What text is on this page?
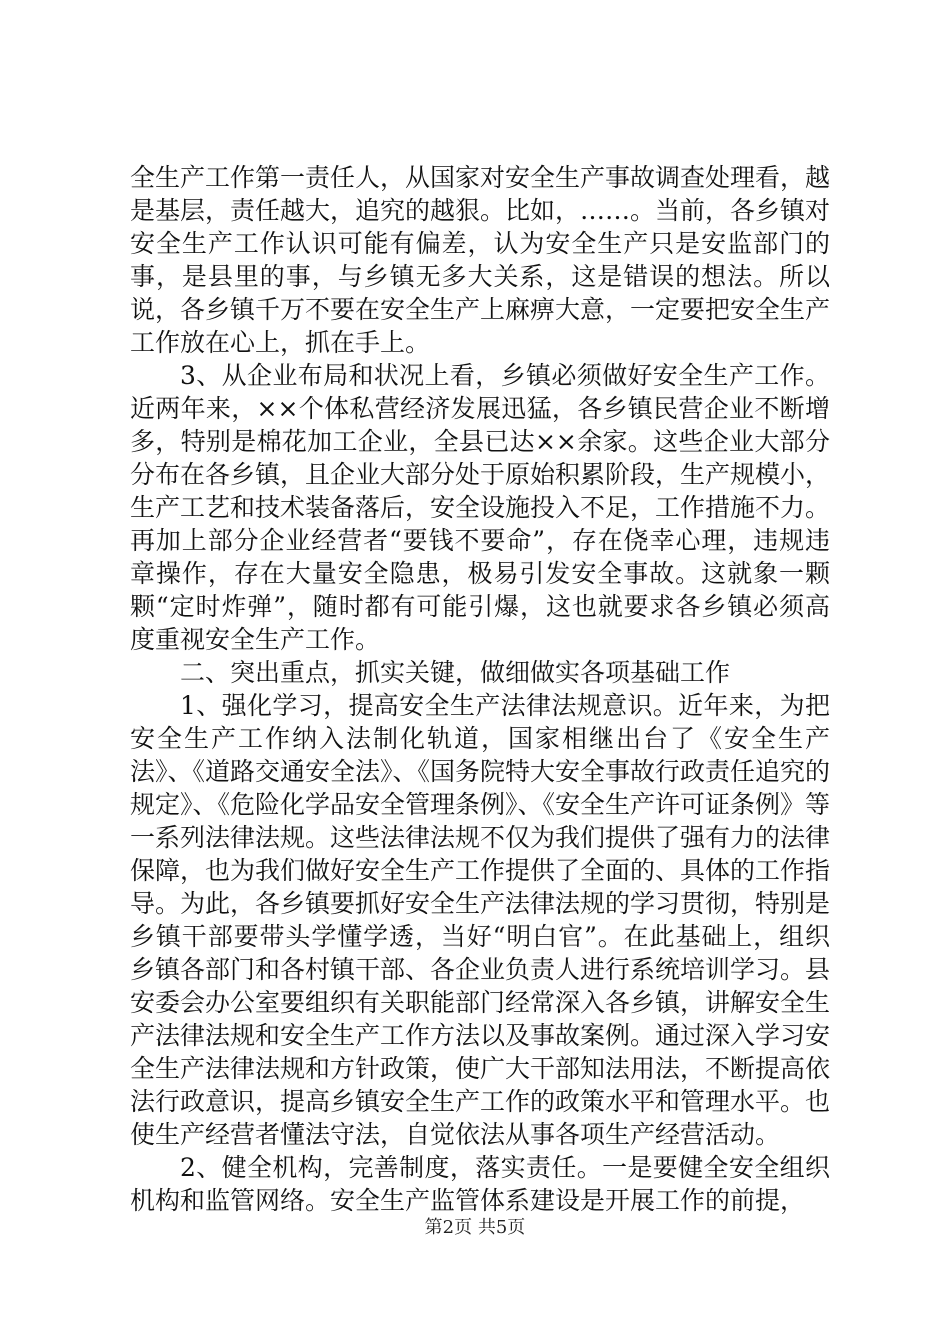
全生产工作第一责任人，从国家对安全生产事故调查处理看，越是基层，责任越大，追究的越狠。比如，……。当前，各乡镇对安全生产工作认识可能有偏差，认为安全生产只是安监部门的事，是县里的事，与乡镇无多大关系，这是错误的想法。所以说，各乡镇千万不要在安全生产上麻痹大意，一定要把安全生产工作放在心上，抓在手上。

3、从企业布局和状况上看，乡镇必须做好安全生产工作。近两年来，××个体私营经济发展迅猛，各乡镇民营企业不断增多，特别是棉花加工企业，全县已达××余家。这些企业大部分分布在各乡镇，且企业大部分处于原始积累阶段，生产规模小，生产工艺和技术装备落后，安全设施投入不足，工作措施不力。再加上部分企业经营者“要钱不要命”，存在侥幸心理，违规违章操作，存在大量安全隐患，极易引发安全事故。这就象一颗颗“定时炸弹”，随时都有可能引爆，这也就要求各乡镇必须高度重视安全生产工作。

二、突出重点，抓实关键，做细做实各项基础工作

1、强化学习，提高安全生产法律法规意识。近年来，为把安全生产工作纳入法制化轨道，国家相继出台了《安全生产法》、《道路交通安全法》、《国务院特大安全事故行政责任追究的规定》、《危险化学品安全管理条例》、《安全生产许可证条例》等一系列法律法规。这些法律法规不仅为我们提供了强有力的法律保障，也为我们做好安全生产工作提供了全面的、具体的工作指导。为此，各乡镇要抓好安全生产法律法规的学习贯彻，特别是乡镇干部要带头学懂学透，当好“明白官”。在此基础上，组织乡镇各部门和各村镇干部、各企业负责人进行系统培训学习。县安委会办公室要组织有关职能部门经常深入各乡镇，讲解安全生产法律法规和安全生产工作方法以及事故案例。通过深入学习安全生产法律法规和方针政策，使广大干部知法用法，不断提高依法行政意识，提高乡镇安全生产工作的政策水平和管理水平。也使生产经营者懂法守法，自觉依法从事各项生产经营活动。

2、健全机构，完善制度，落实责任。一是要健全安全组织机构和监管网络。安全生产监管体系建设是开展工作的前提，

第2页 共5页
